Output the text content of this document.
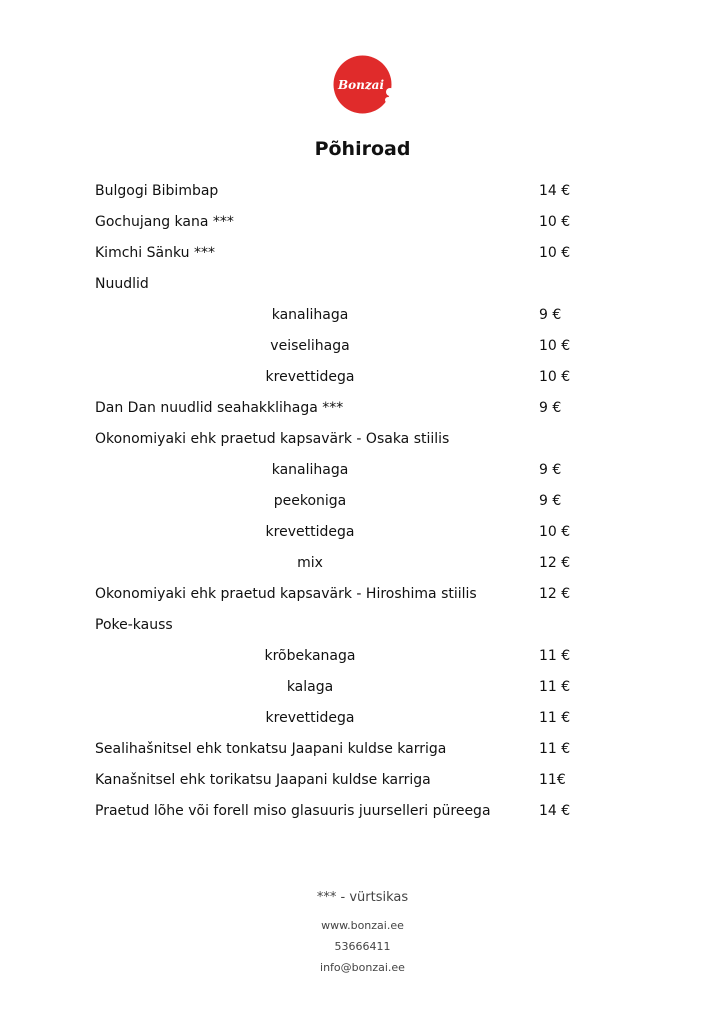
Bonzai
Põhiroad
Bulgogi Bibimbap	14 €
Gochujang kana ***	10 €
Kimchi Sänku ***	10 €
Nuudlid
kanalihaga	9 €
veiselihaga	10 €
krevettidega	10 €
Dan Dan nuudlid seahakklihaga ***	9 €
Okonomiyaki ehk praetud kapsavärk - Osaka stiilis
kanalihaga	9 €
peekoniga	9 €
krevettidega	10 €
mix	12 €
Okonomiyaki ehk praetud kapsavärk - Hiroshima stiilis	12 €
Poke-kauss
krõbekanaga	11 €
kalaga	11 €
krevettidega	11 €
Sealihašnitsel ehk tonkatsu Jaapani kuldse karriga	11 €
Kanašnitsel ehk torikatsu Jaapani kuldse karriga	11€
Praetud lõhe või forell miso glasuuris juurselleri püreega	14 €
*** - vürtsikas
www.bonzai.ee
53666411
info@bonzai.ee
